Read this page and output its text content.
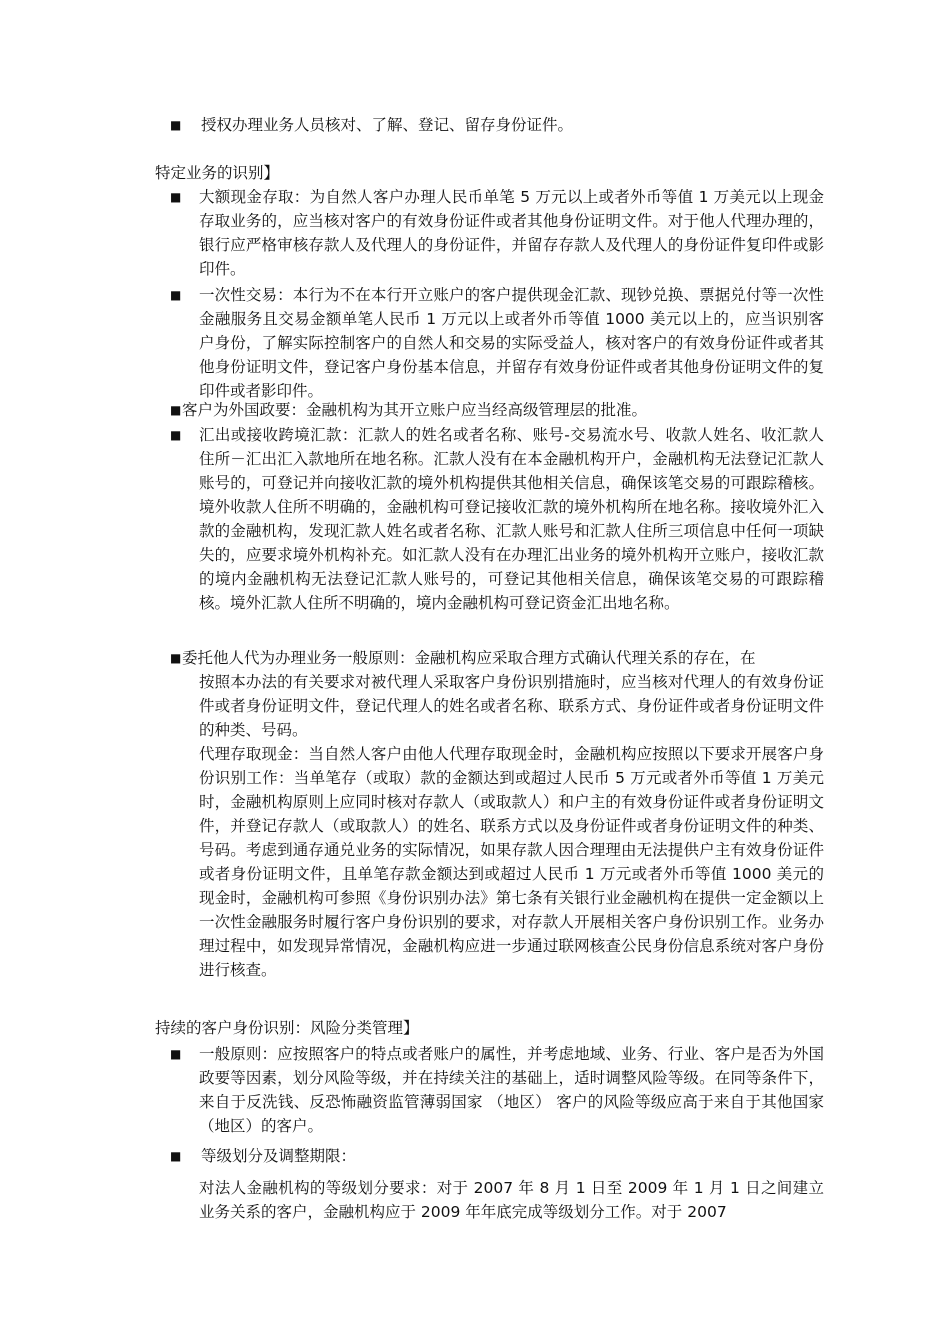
■ 授权办理业务人员核对、了解、登记、留存身份证件。

特定业务的识别】
■ 大额现金存取：为自然人客户办理人民币单笔 5 万元以上或者外币等值 1 万美元以上现金存取业务的，应当核对客户的有效身份证件或者其他身份证明文件。对于他人代理办理的，银行应严格审核存款人及代理人的身份证件，并留存存款人及代理人的身份证件复印件或影印件。

■ 一次性交易：本行为不在本行开立账户的客户提供现金汇款、现钞兑换、票据兑付等一次性金融服务且交易金额单笔人民币 1 万元以上或者外币等值 1000 美元以上的，应当识别客户身份，了解实际控制客户的自然人和交易的实际受益人，核对客户的有效身份证件或者其他身份证明文件，登记客户身份基本信息，并留存有效身份证件或者其他身份证明文件的复印件或者影印件。

■ 客户为外国政要：金融机构为其开立账户应当经高级管理层的批准。

■ 汇出或接收跨境汇款：汇款人的姓名或者名称、账号-交易流水号、收款人姓名、收汇款人住所－汇出汇入款地所在地名称。汇款人没有在本金融机构开户，金融机构无法登记汇款人账号的，可登记并向接收汇款的境外机构提供其他相关信息，确保该笔交易的可跟踪稽核。境外收款人住所不明确的，金融机构可登记接收汇款的境外机构所在地名称。接收境外汇入款的金融机构，发现汇款人姓名或者名称、汇款人账号和汇款人住所三项信息中任何一项缺失的，应要求境外机构补充。如汇款人没有在办理汇出业务的境外机构开立账户，接收汇款的境内金融机构无法登记汇款人账号的，可登记其他相关信息，确保该笔交易的可跟踪稽核。境外汇款人住所不明确的，境内金融机构可登记资金汇出地名称。

■ 委托他人代为办理业务一般原则：金融机构应采取合理方式确认代理关系的存在，在

按照本办法的有关要求对被代理人采取客户身份识别措施时，应当核对代理人的有效身份证件或者身份证明文件，登记代理人的姓名或者名称、联系方式、身份证件或者身份证明文件的种类、号码。

代理存取现金：当自然人客户由他人代理存取现金时，金融机构应按照以下要求开展客户身份识别工作：当单笔存（或取）款的金额达到或超过人民币 5 万元或者外币等值 1 万美元时，金融机构原则上应同时核对存款人（或取款人）和户主的有效身份证件或者身份证明文件，并登记存款人（或取款人）的姓名、联系方式以及身份证件或者身份证明文件的种类、号码。考虑到通存通兑业务的实际情况，如果存款人因合理理由无法提供户主有效身份证件或者身份证明文件，且单笔存款金额达到或超过人民币 1 万元或者外币等值 1000 美元的现金时，金融机构可参照《身份识别办法》第七条有关银行业金融机构在提供一定金额以上一次性金融服务时履行客户身份识别的要求，对存款人开展相关客户身份识别工作。业务办理过程中，如发现异常情况，金融机构应进一步通过联网核查公民身份信息系统对客户身份进行核查。

持续的客户身份识别：风险分类管理】
■ 一般原则：应按照客户的特点或者账户的属性，并考虑地域、业务、行业、客户是否为外国政要等因素，划分风险等级，并在持续关注的基础上，适时调整风险等级。在同等条件下，来自于反洗钱、反恐怖融资监管薄弱国家 （地区） 客户的风险等级应高于来自于其他国家（地区）的客户。

■ 等级划分及调整期限：

对法人金融机构的等级划分要求：对于 2007 年 8 月 1 日至 2009 年 1 月 1 日之间建立业务关系的客户，金融机构应于 2009 年年底完成等级划分工作。对于 2007
